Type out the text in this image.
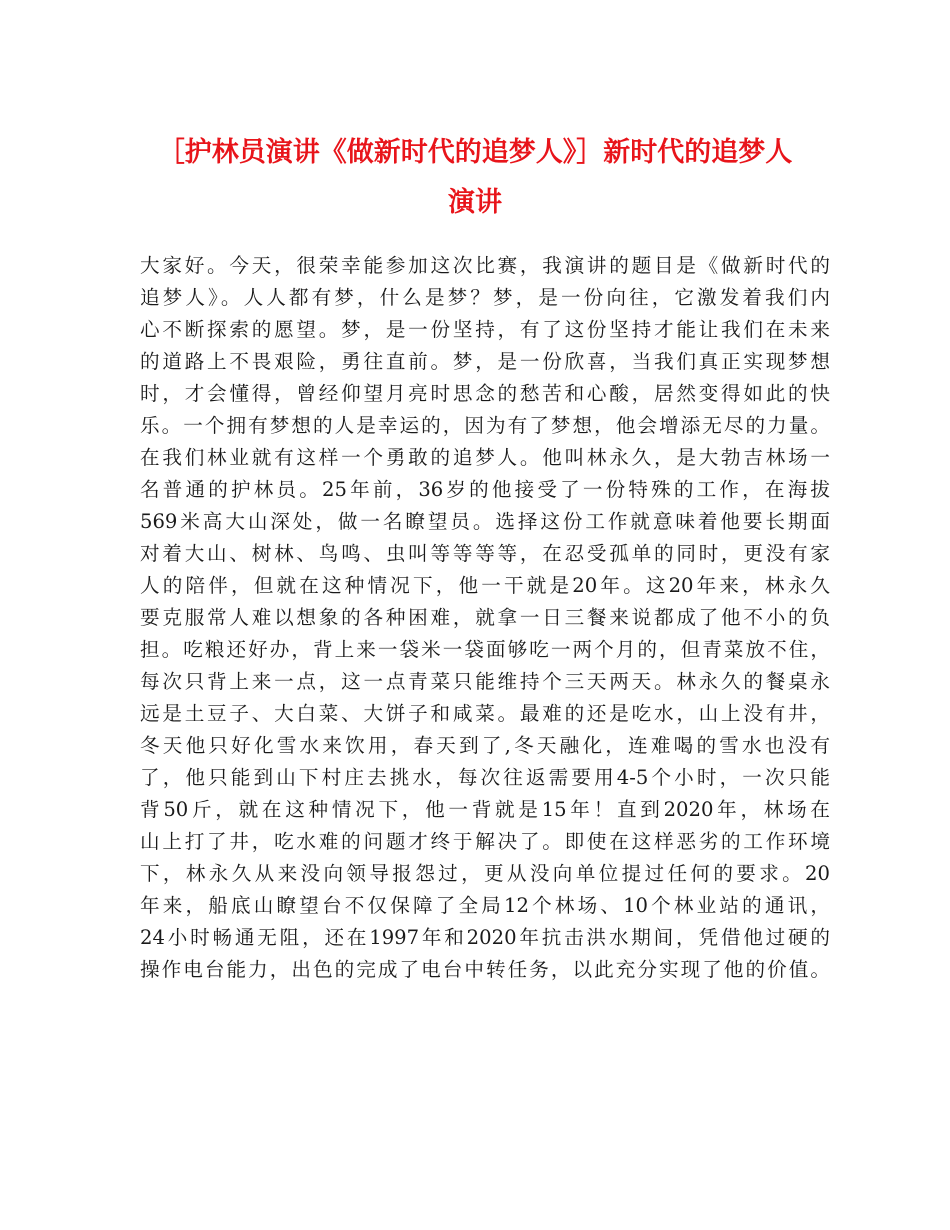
［护林员演讲《做新时代的追梦人》］新时代的追梦人
演讲
大家好。今天，很荣幸能参加这次比赛，我演讲的题目是《做新时代的
追梦人》。人人都有梦，什么是梦？梦，是一份向往，它激发着我们内
心不断探索的愿望。梦，是一份坚持，有了这份坚持才能让我们在未来
的道路上不畏艰险，勇往直前。梦，是一份欣喜，当我们真正实现梦想
时，才会懂得，曾经仰望月亮时思念的愁苦和心酸，居然变得如此的快
乐。一个拥有梦想的人是幸运的，因为有了梦想，他会增添无尽的力量。
在我们林业就有这样一个勇敢的追梦人。他叫林永久，是大勃吉林场一
名普通的护林员。25年前，36岁的他接受了一份特殊的工作，在海拔
569米高大山深处，做一名瞭望员。选择这份工作就意味着他要长期面
对着大山、树林、鸟鸣、虫叫等等等等，在忍受孤单的同时，更没有家
人的陪伴，但就在这种情况下，他一干就是20年。这20年来，林永久
要克服常人难以想象的各种困难，就拿一日三餐来说都成了他不小的负
担。吃粮还好办，背上来一袋米一袋面够吃一两个月的，但青菜放不住，
每次只背上来一点，这一点青菜只能维持个三天两天。林永久的餐桌永
远是土豆子、大白菜、大饼子和咸菜。最难的还是吃水，山上没有井，
冬天他只好化雪水来饮用，春天到了,冬天融化，连难喝的雪水也没有
了，他只能到山下村庄去挑水，每次往返需要用4-5个小时，一次只能
背50斤，就在这种情况下，他一背就是15年！直到2020年，林场在
山上打了井，吃水难的问题才终于解决了。即使在这样恶劣的工作环境
下，林永久从来没向领导报怨过，更从没向单位提过任何的要求。20
年来，船底山瞭望台不仅保障了全局12个林场、10个林业站的通讯，
24小时畅通无阻，还在1997年和2020年抗击洪水期间，凭借他过硬的
操作电台能力，出色的完成了电台中转任务，以此充分实现了他的价值。
